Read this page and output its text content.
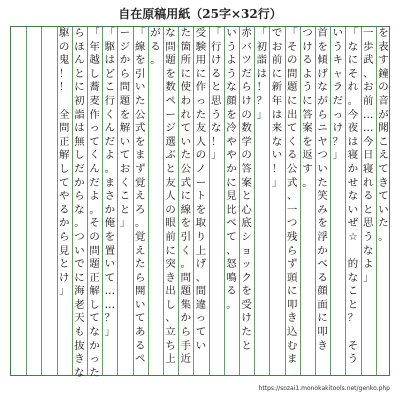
自在原稿用紙（25字×32行）
を
表
す
鐘
の
音
が
聞
こ
え
て
き
て
い
た
。
一
歩
武
、
お
前
…
…
今
日
寝
れ
る
と
思
う
な
よ
」
「
な
に
そ
れ
。
今
夜
は
寝
か
せ
な
い
ぜ
☆

的
な
こ
と
？

そ
う
い
う
キ
ャ
ラ
だ
っ
け
？
」
首
を
傾
げ
な
が
ら
ニ
ヤ
つ
い
た
笑
み
を
浮
か
べ
る
顔
面
に
叩
き
つ
け
る
よ
う
に
答
案
を
返
す
。
「
そ
の
問
題
に
出
て
く
る
公
式
、
一
つ
残
ら
ず
頭
に
叩
き
込
む
ま
で
お
前
に
新
年
は
来
な
い
！
」
「
初
詣
は
！
？
」
赤
バ
ツ
だ
ら
け
の
数
学
の
答
案
と
心
底
シ
ョ
ッ
ク
を
受
け
た
と
い
う
よ
う
な
顔
を
冷
や
や
か
に
見
比
べ
て
、
怒
鳴
る
。
「
行
け
る
と
思
う
な
！
」
受
験
用
に
作
っ
た
友
人
の
ノ
ー
ト
を
取
り
上
げ
、
間
違
っ
て
い
た
箇
所
に
使
わ
れ
て
い
た
公
式
に
線
を
引
く
。
問
題
集
か
ら
手
近
な
問
題
を
数
ペ
ー
ジ
選
ぶ
と
友
人
の
眼
前
に
突
き
出
し
、
立
ち
上
が
る
。
「
線
を
引
い
た
公
式
を
ま
ず
覚
え
ろ
。
覚
え
た
ら
開
い
て
あ
る
ペ
ー
ジ
か
ら
問
題
を
解
い
て
お
く
こ
と
」
「
駆
は
ど
こ
行
く
ん
だ
よ
。
ま
さ
か
俺
を
置
い
て
…
…
？
」
「
年
越
し
蕎
麦
作
っ
て
く
ん
だ
よ
。
そ
の
問
題
正
解
し
て
な
か
っ
た
ら
ほ
ん
と
に
初
詣
は
無
し
だ
か
ら
な
。
つ
い
で
に
海
老
天
も
抜
き
な
駆
の
鬼
！
！

全
問
正
解
し
て
や
る
か
ら
見
と
け
」
https://sozai1.monokakitools.net/genko.php
